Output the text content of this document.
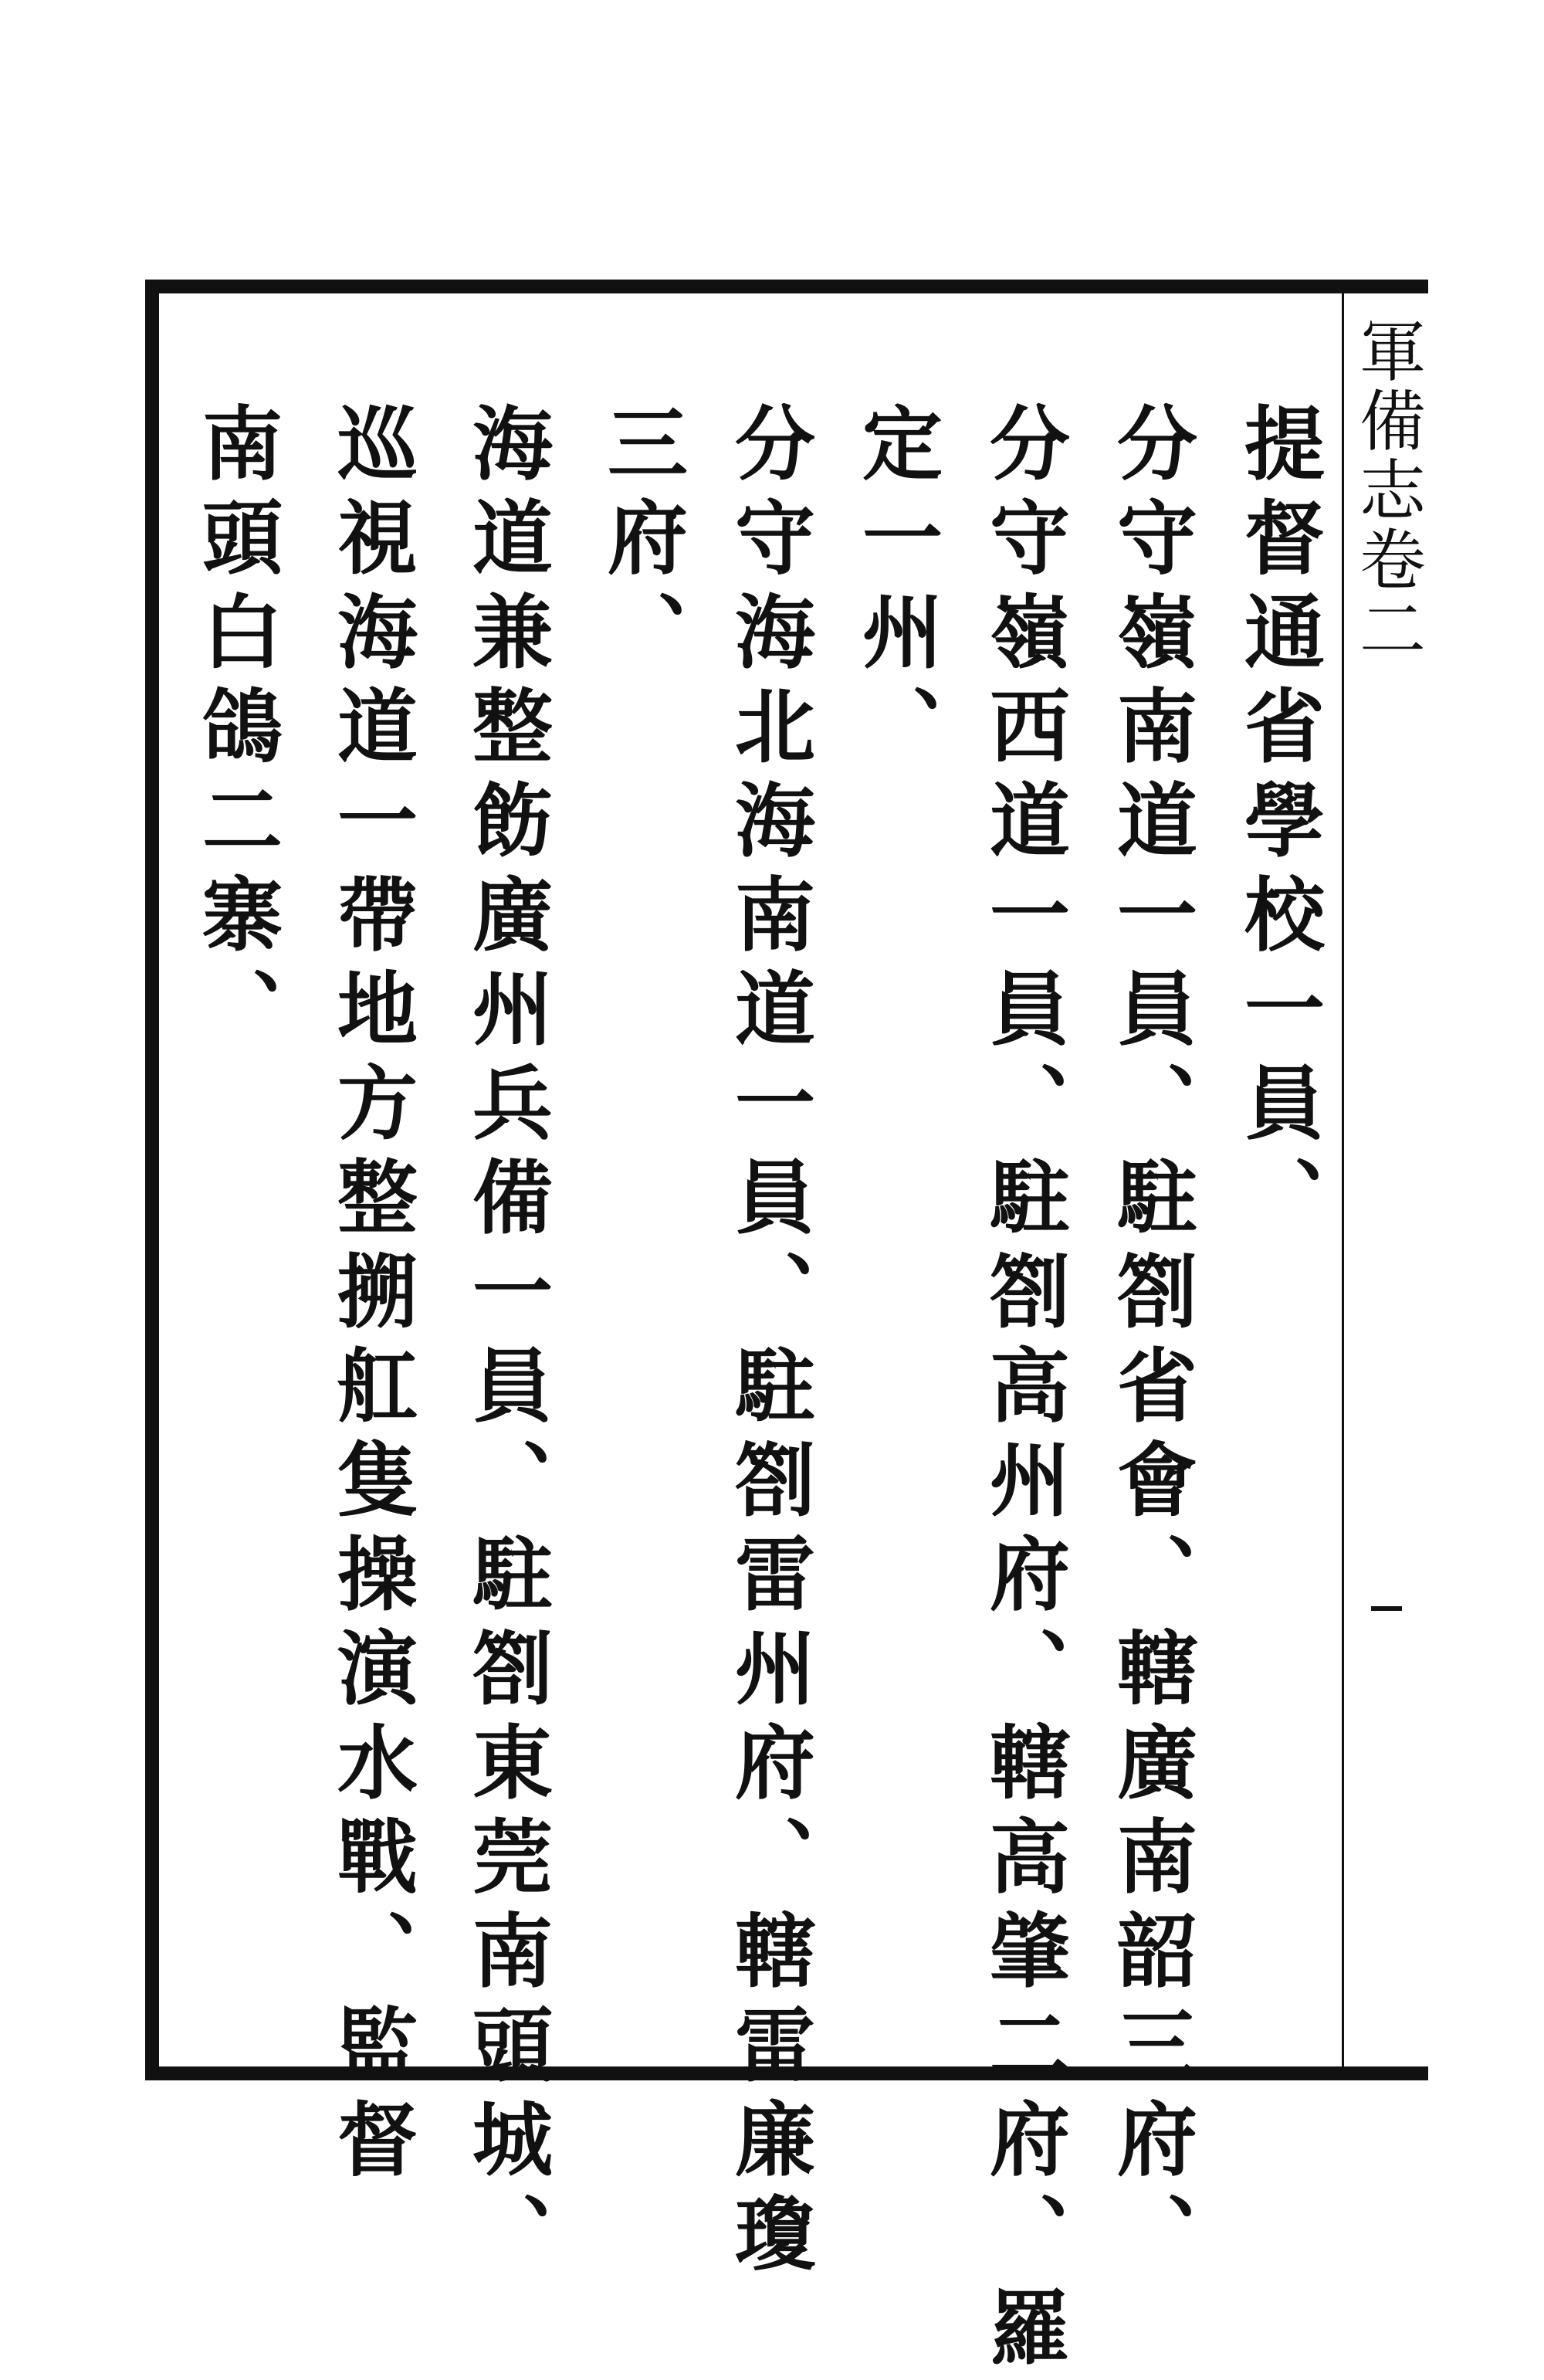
軍備志卷二
提督通省學校一員、
分守嶺南道一員、駐劄省會、轄廣南韶三府、
分守嶺西道一員、駐劄高州府、轄高肇二府、羅
定一州、
分守海北海南道一員、駐劄雷州府、轄雷廉瓊
三府、
海道兼整飭廣州兵備一員、駐劄東莞南頭城、
巡視海道一帶地方整搠舡隻操演水戰、監督
南頭白鴿二寨、
